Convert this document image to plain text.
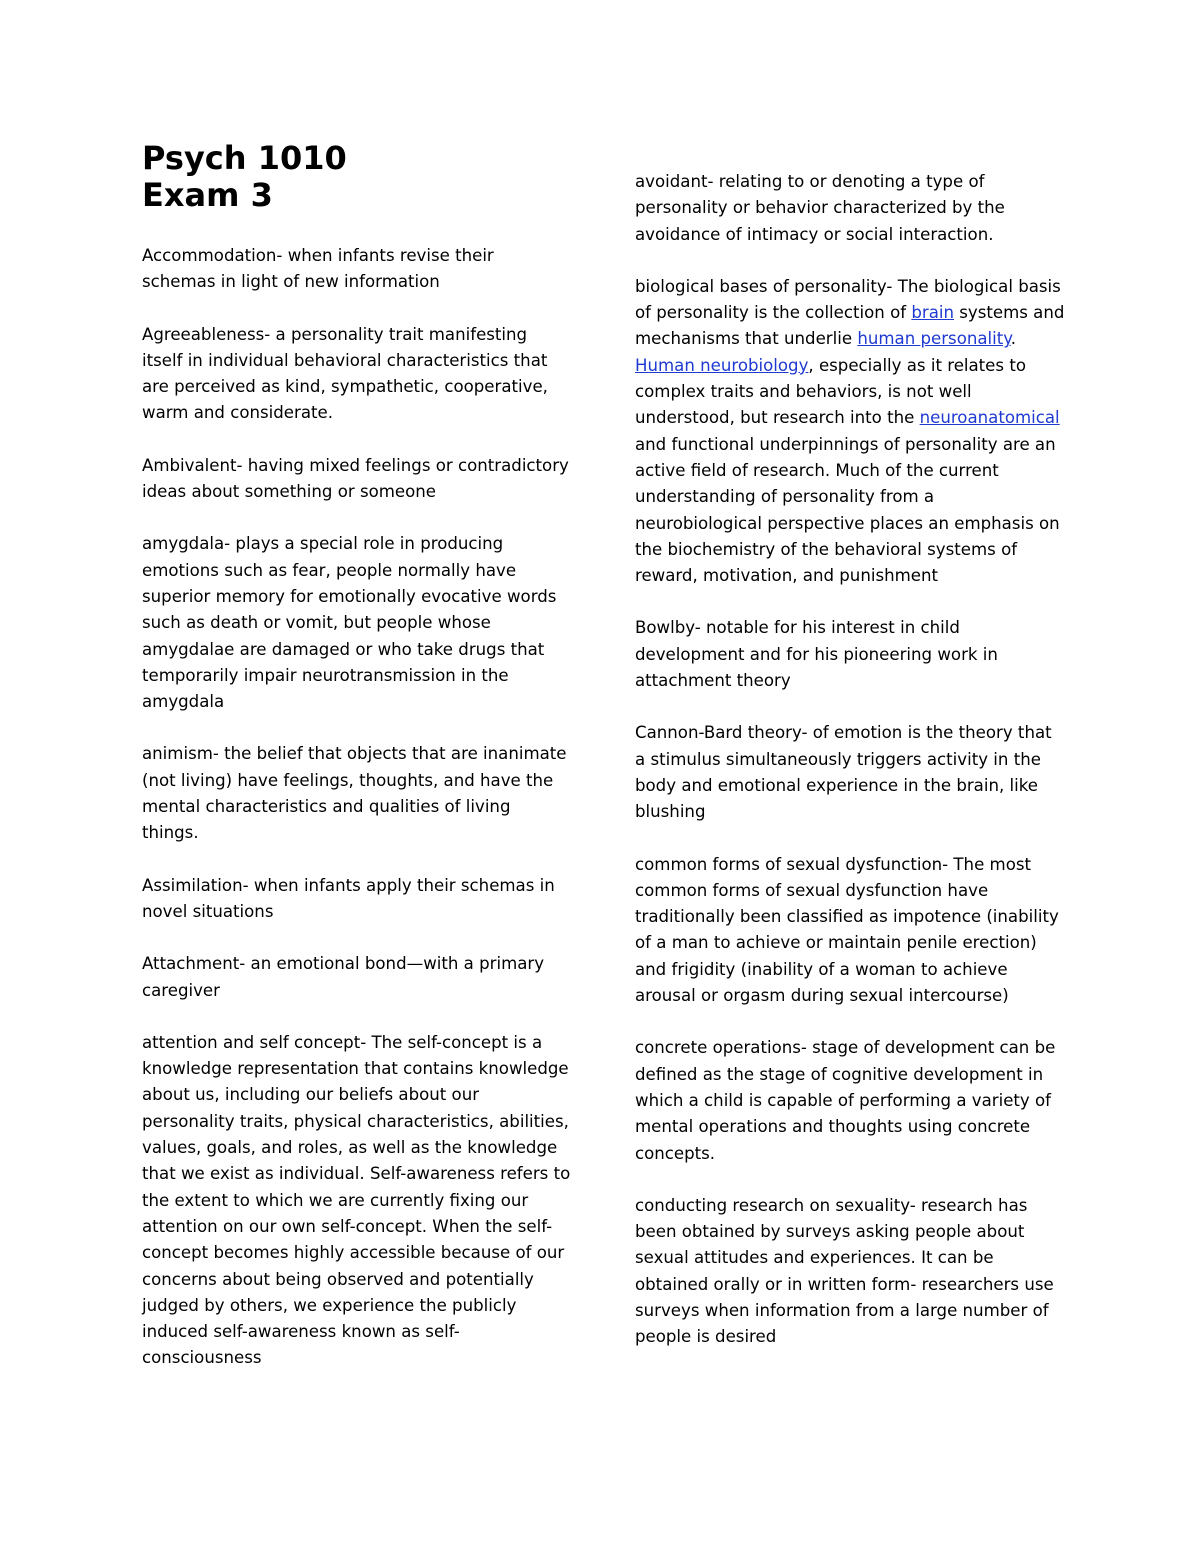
Psych 1010
Exam 3

Accommodation- when infants revise their schemas in light of new information

Agreeableness- a personality trait manifesting itself in individual behavioral characteristics that are perceived as kind, sympathetic, cooperative, warm and considerate.

Ambivalent- having mixed feelings or contradictory ideas about something or someone

amygdala- plays a special role in producing emotions such as fear, people normally have superior memory for emotionally evocative words such as death or vomit, but people whose amygdalae are damaged or who take drugs that temporarily impair neurotransmission in the amygdala

animism- the belief that objects that are inanimate (not living) have feelings, thoughts, and have the mental characteristics and qualities of living things.

Assimilation- when infants apply their schemas in novel situations

Attachment- an emotional bond—with a primary caregiver

attention and self concept- The self-concept is a knowledge representation that contains knowledge about us, including our beliefs about our personality traits, physical characteristics, abilities, values, goals, and roles, as well as the knowledge that we exist as individual. Self-awareness refers to the extent to which we are currently fixing our attention on our own self-concept. When the self-concept becomes highly accessible because of our concerns about being observed and potentially judged by others, we experience the publicly induced self-awareness known as self-consciousness

avoidant- relating to or denoting a type of personality or behavior characterized by the avoidance of intimacy or social interaction.

biological bases of personality- The biological basis of personality is the collection of brain systems and mechanisms that underlie human personality. Human neurobiology, especially as it relates to complex traits and behaviors, is not well understood, but research into the neuroanatomical and functional underpinnings of personality are an active field of research. Much of the current understanding of personality from a neurobiological perspective places an emphasis on the biochemistry of the behavioral systems of reward, motivation, and punishment

Bowlby- notable for his interest in child development and for his pioneering work in attachment theory

Cannon-Bard theory- of emotion is the theory that a stimulus simultaneously triggers activity in the body and emotional experience in the brain, like blushing

common forms of sexual dysfunction- The most common forms of sexual dysfunction have traditionally been classified as impotence (inability of a man to achieve or maintain penile erection) and frigidity (inability of a woman to achieve arousal or orgasm during sexual intercourse)

concrete operations- stage of development can be defined as the stage of cognitive development in which a child is capable of performing a variety of mental operations and thoughts using concrete concepts.

conducting research on sexuality- research has been obtained by surveys asking people about sexual attitudes and experiences. It can be obtained orally or in written form- researchers use surveys when information from a large number of people is desired
